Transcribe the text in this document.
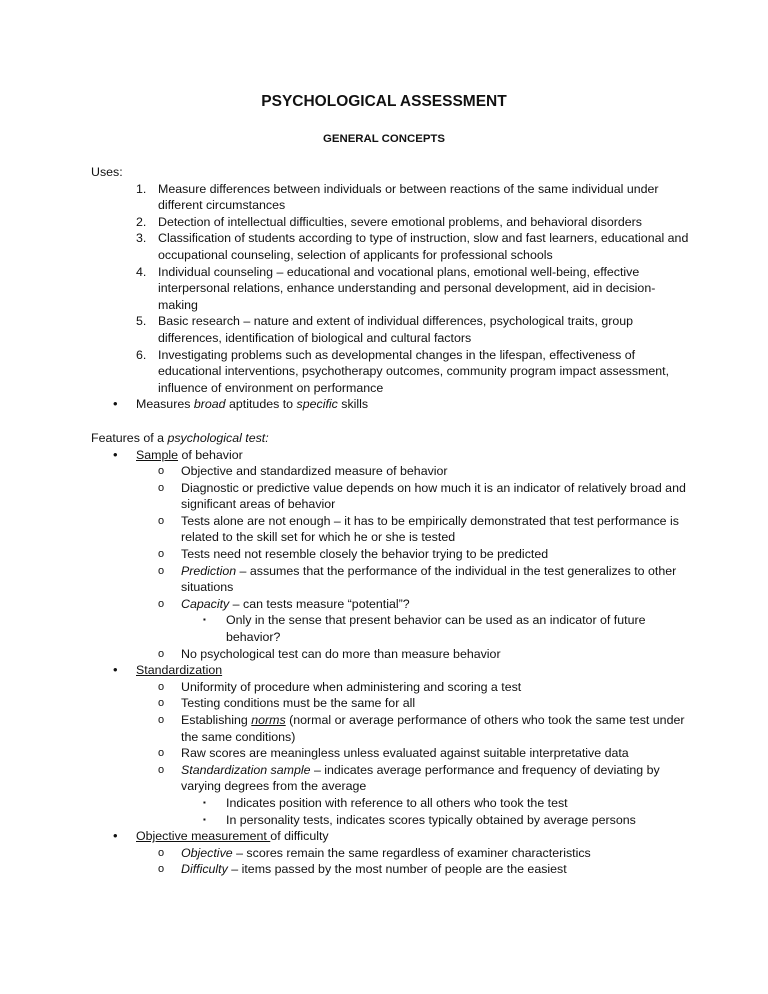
PSYCHOLOGICAL ASSESSMENT
GENERAL CONCEPTS

Uses:

1. Measure differences between individuals or between reactions of the same individual under different circumstances
2. Detection of intellectual difficulties, severe emotional problems, and behavioral disorders
3. Classification of students according to type of instruction, slow and fast learners, educational and occupational counseling, selection of applicants for professional schools
4. Individual counseling – educational and vocational plans, emotional well-being, effective interpersonal relations, enhance understanding and personal development, aid in decision-making
5. Basic research – nature and extent of individual differences, psychological traits, group differences, identification of biological and cultural factors
6. Investigating problems such as developmental changes in the lifespan, effectiveness of educational interventions, psychotherapy outcomes, community program impact assessment, influence of environment on performance
•
Measures broad aptitudes to specific skills

Features of a psychological test:

•
Sample of behavior
o	Objective and standardized measure of behavior
o	Diagnostic or predictive value depends on how much it is an indicator of relatively broad and significant areas of behavior
o	Tests alone are not enough – it has to be empirically demonstrated that test performance is related to the skill set for which he or she is tested
o	Tests need not resemble closely the behavior trying to be predicted
o	Prediction – assumes that the performance of the individual in the test generalizes to other situations
o	Capacity – can tests measure “potential”?
▪	Only in the sense that present behavior can be used as an indicator of future behavior?
o	No psychological test can do more than measure behavior
•
Standardization
o	Uniformity of procedure when administering and scoring a test
o	Testing conditions must be the same for all
o	Establishing norms (normal or average performance of others who took the same test under the same conditions)
o	Raw scores are meaningless unless evaluated against suitable interpretative data
o	Standardization sample – indicates average performance and frequency of deviating by varying degrees from the average
▪	Indicates position with reference to all others who took the test
▪	In personality tests, indicates scores typically obtained by average persons
•
Objective measurement of difficulty
o	Objective – scores remain the same regardless of examiner characteristics
o	Difficulty – items passed by the most number of people are the easiest
